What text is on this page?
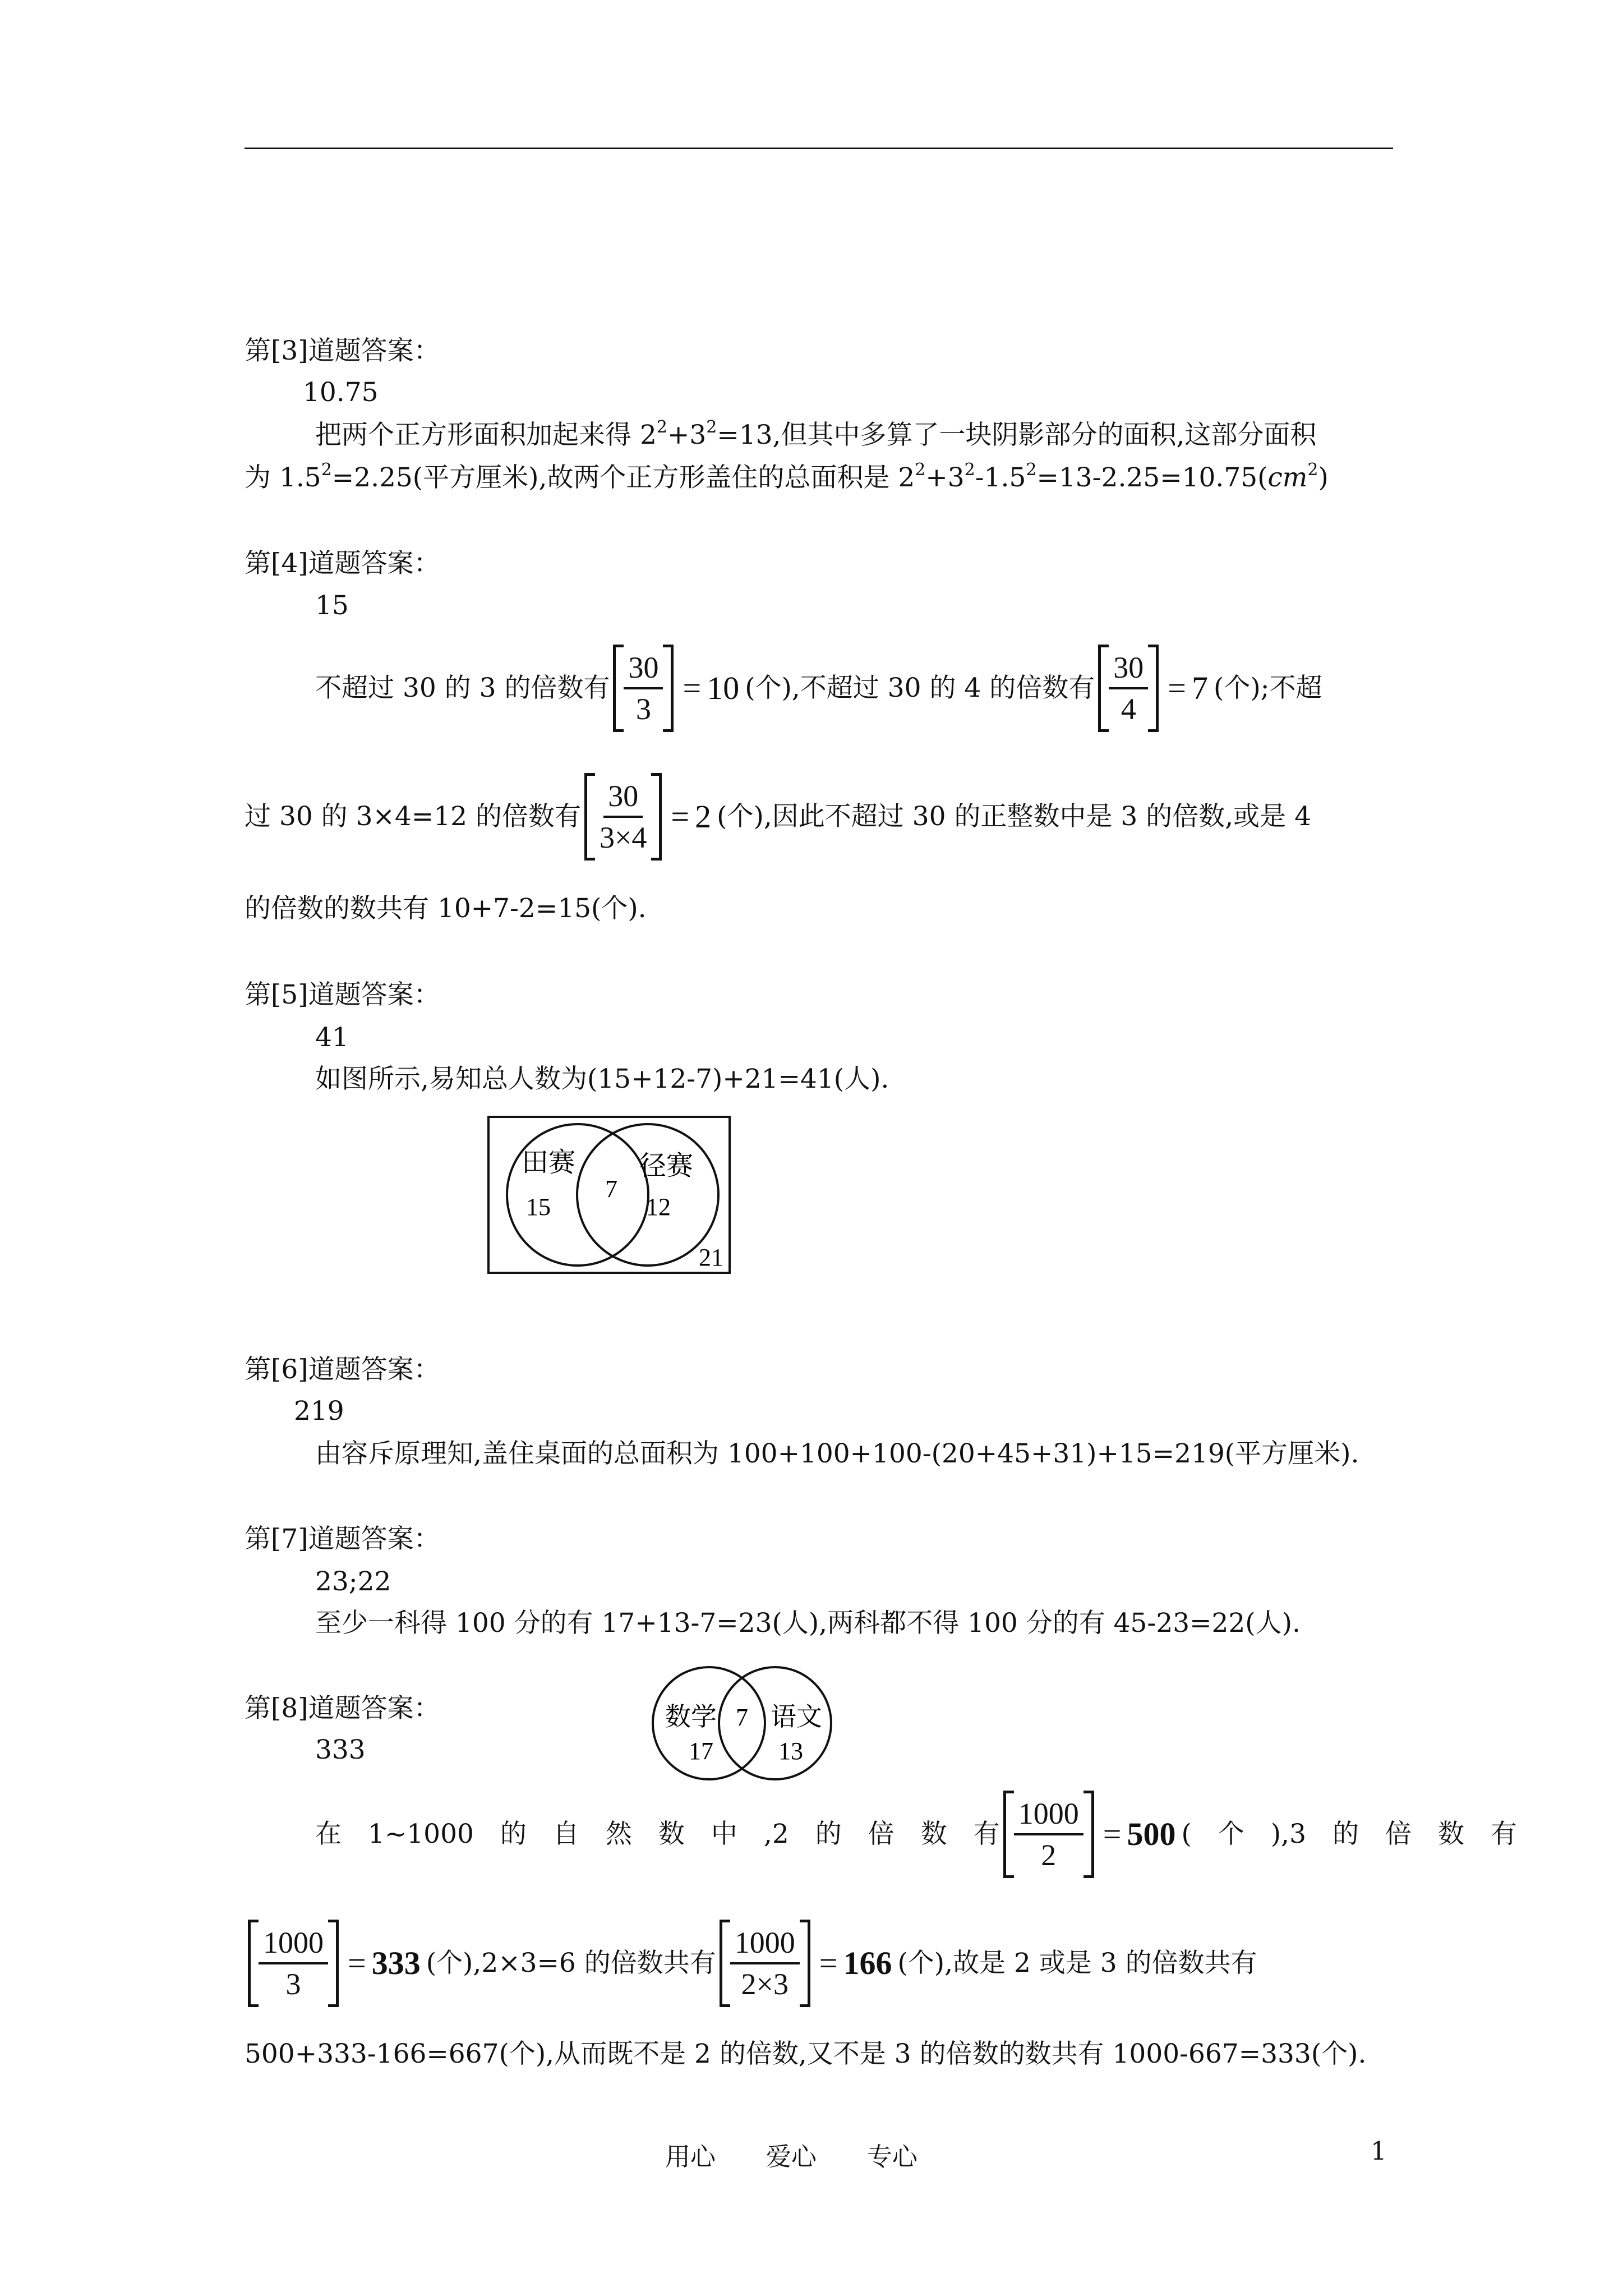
第[3]道题答案：
10.75
把两个正方形面积加起来得 $2^2+3^2=13$,但其中多算了一块阴影部分的面积,这部分面积
为 $1.5^2=2.25$(平方厘米),故两个正方形盖住的总面积是 $2^2+3^2-1.5^2=13-2.25=10.75(cm^2)$
第[4]道题答案：
15
不超过 30 的 3 的倍数有 $\frac{30}{3} = 10$ (个),不超过 30 的 4 的倍数有 $\frac{30}{4} = 7$ (个);不超
过 30 的 3×4=12 的倍数有 $\frac{30}{3\times 4} = 2$ (个),因此不超过 30 的正整数中是 3 的倍数,或是 4
的倍数的数共有 10+7-2=15(个).
第[5]道题答案：
41
如图所示,易知总人数为(15+12-7)+21=41(人).
田赛
15
7
径赛
12
21
第[6]道题答案：
219
由容斥原理知,盖住桌面的总面积为 100+100+100-(20+45+31)+15=219(平方厘米).
第[7]道题答案：
23;22
至少一科得 100 分的有 17+13-7=23(人),两科都不得 100 分的有 45-23=22(人).
第[8]道题答案：
333
数学
17
7 语文
13
在　1~1000　的　自　然　数　中　,2　的　倍　数　有 $\frac{1000}{2} = 500$ (　个　),3　的　倍　数　有
$\frac{1000}{3} = 333$ (个),2×3=6 的倍数共有 $\frac{1000}{2\times 3} = 166$ (个),故是 2 或是 3 的倍数共有
500+333-166=667(个),从而既不是 2 的倍数,又不是 3 的倍数的数共有 1000-667=333(个).
用心　　爱心　　专心	1
